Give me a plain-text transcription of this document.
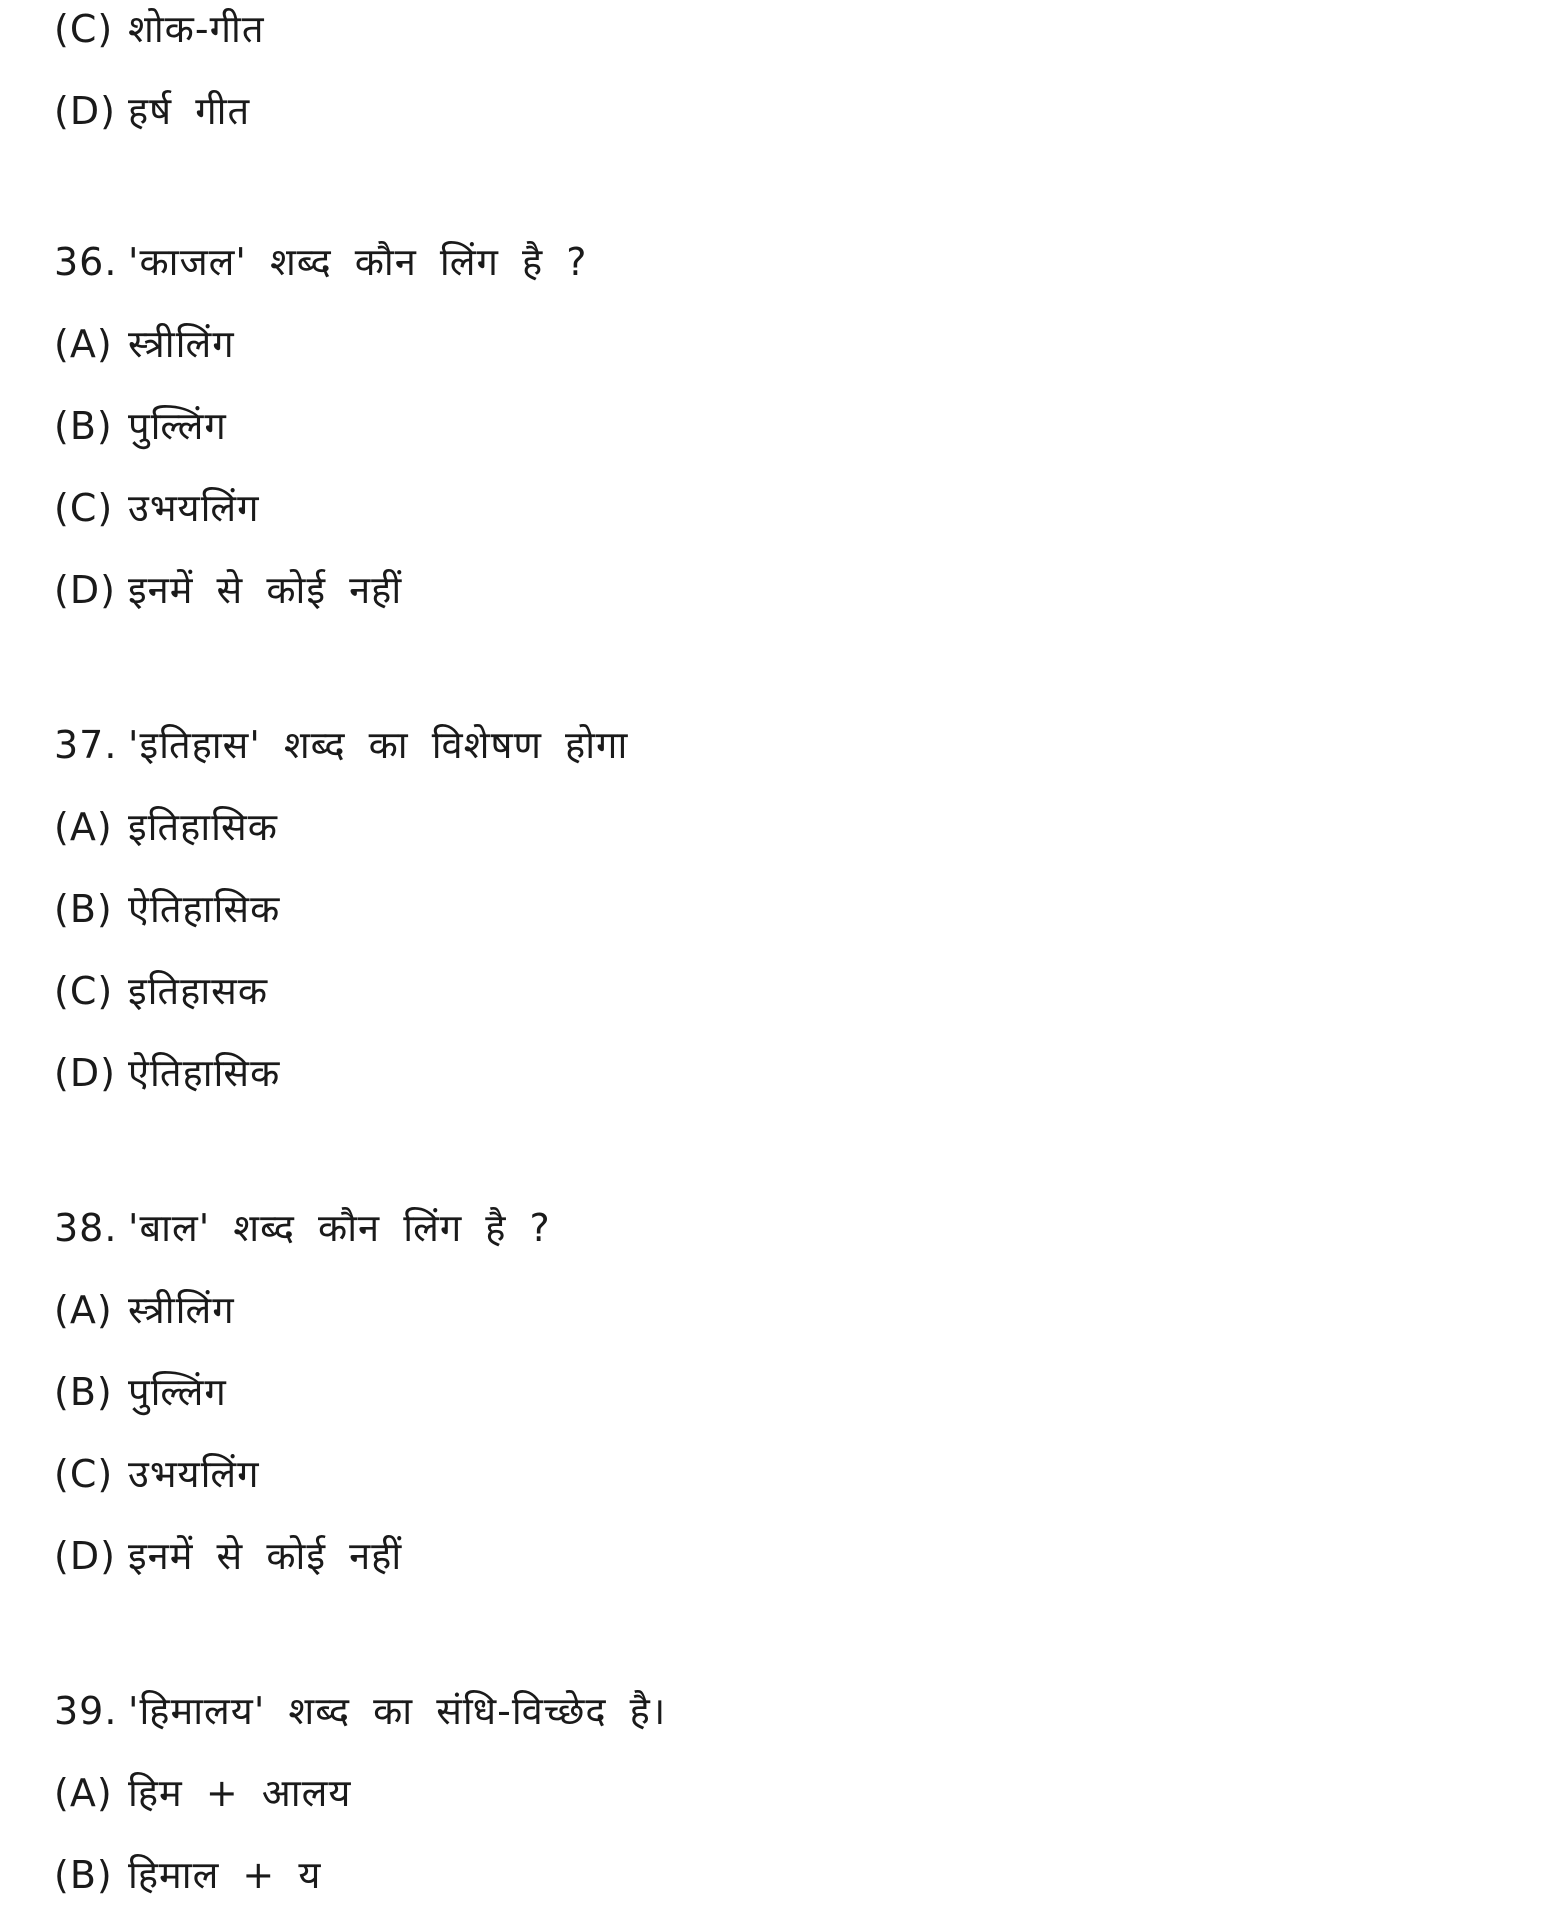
(C) शोक-गीत
(D) हर्ष गीत
36. 'काजल' शब्द कौन लिंग है ?
(A) स्त्रीलिंग
(B) पुल्लिंग
(C) उभयलिंग
(D) इनमें से कोई नहीं
37. 'इतिहास' शब्द का विशेषण होगा
(A) इतिहासिक
(B) ऐतिहासिक
(C) इतिहासक
(D) ऐतिहासिक
38. 'बाल' शब्द कौन लिंग है ?
(A) स्त्रीलिंग
(B) पुल्लिंग
(C) उभयलिंग
(D) इनमें से कोई नहीं
39. 'हिमालय' शब्द का संधि-विच्छेद है।
(A) हिम + आलय
(B) हिमाल + य
